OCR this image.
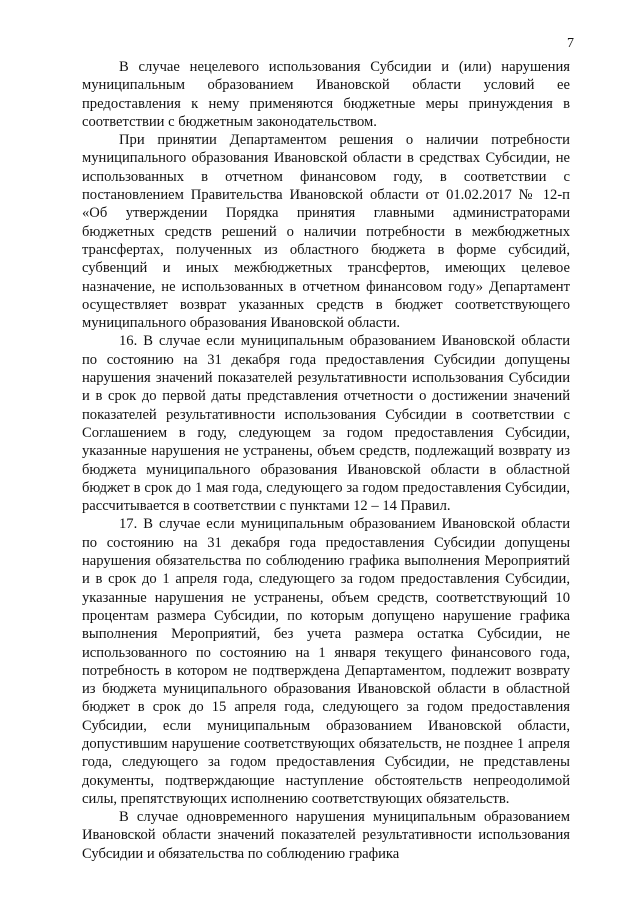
7

В случае нецелевого использования Субсидии и (или) нарушения муниципальным образованием Ивановской области условий ее предоставления к нему применяются бюджетные меры принуждения в соответствии с бюджетным законодательством.

При принятии Департаментом решения о наличии потребности муниципального образования Ивановской области в средствах Субсидии, не использованных в отчетном финансовом году, в соответствии с постановлением Правительства Ивановской области от 01.02.2017 № 12-п «Об утверждении Порядка принятия главными администраторами бюджетных средств решений о наличии потребности в межбюджетных трансфертах, полученных из областного бюджета в форме субсидий, субвенций и иных межбюджетных трансфертов, имеющих целевое назначение, не использованных в отчетном финансовом году» Департамент осуществляет возврат указанных средств в бюджет соответствующего муниципального образования Ивановской области.

16. В случае если муниципальным образованием Ивановской области по состоянию на 31 декабря года предоставления Субсидии допущены нарушения значений показателей результативности использования Субсидии и в срок до первой даты представления отчетности о достижении значений показателей результативности использования Субсидии в соответствии с Соглашением в году, следующем за годом предоставления Субсидии, указанные нарушения не устранены, объем средств, подлежащий возврату из бюджета муниципального образования Ивановской области в областной бюджет в срок до 1 мая года, следующего за годом предоставления Субсидии, рассчитывается в соответствии с пунктами 12 – 14 Правил.

17. В случае если муниципальным образованием Ивановской области по состоянию на 31 декабря года предоставления Субсидии допущены нарушения обязательства по соблюдению графика выполнения Мероприятий и в срок до 1 апреля года, следующего за годом предоставления Субсидии, указанные нарушения не устранены, объем средств, соответствующий 10 процентам размера Субсидии, по которым допущено нарушение графика выполнения Мероприятий, без учета размера остатка Субсидии, не использованного по состоянию на 1 января текущего финансового года, потребность в котором не подтверждена Департаментом, подлежит возврату из бюджета муниципального образования Ивановской области в областной бюджет в срок до 15 апреля года, следующего за годом предоставления Субсидии, если муниципальным образованием Ивановской области, допустившим нарушение соответствующих обязательств, не позднее 1 апреля года, следующего за годом предоставления Субсидии, не представлены документы, подтверждающие наступление обстоятельств непреодолимой силы, препятствующих исполнению соответствующих обязательств.

В случае одновременного нарушения муниципальным образованием Ивановской области значений показателей результативности использования Субсидии и обязательства по соблюдению графика
